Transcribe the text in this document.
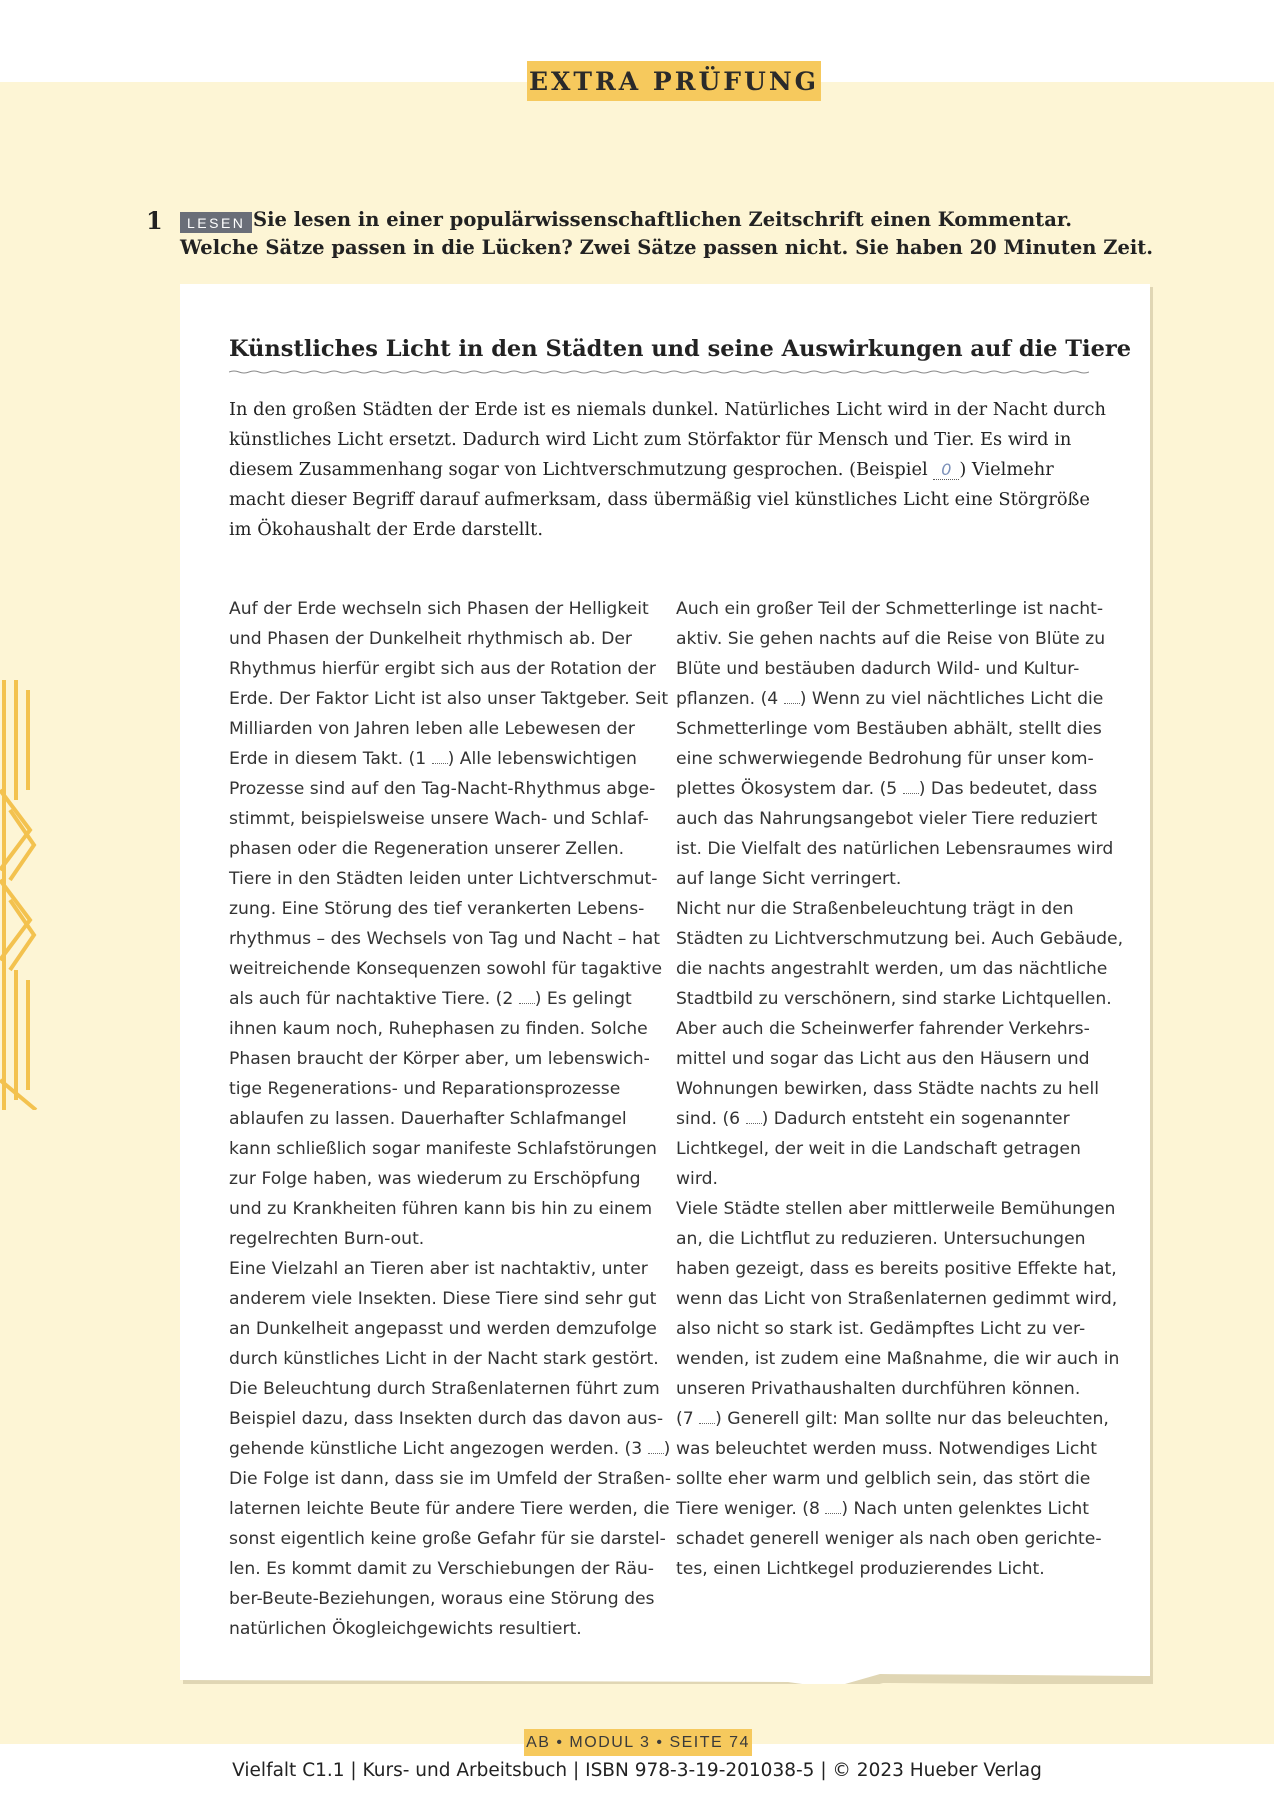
EXTRA PRÜFUNG
1	LESEN Sie lesen in einer populärwissenschaftlichen Zeitschrift einen Kommentar.
Welche Sätze passen in die Lücken? Zwei Sätze passen nicht. Sie haben 20 Minuten Zeit.
Künstliches Licht in den Städten und seine Auswirkungen auf die Tiere
In den großen Städten der Erde ist es niemals dunkel. Natürliches Licht wird in der Nacht durch
künstliches Licht ersetzt. Dadurch wird Licht zum Störfaktor für Mensch und Tier. Es wird in
diesem Zusammenhang sogar von Lichtverschmutzung gesprochen. (Beispiel 0 ) Vielmehr
macht dieser Begriff darauf aufmerksam, dass übermäßig viel künstliches Licht eine Störgröße
im Ökohaushalt der Erde darstellt.
Auf der Erde wechseln sich Phasen der Helligkeit
und Phasen der Dunkelheit rhythmisch ab. Der
Rhythmus hierfür ergibt sich aus der Rotation der
Erde. Der Faktor Licht ist also unser Taktgeber. Seit
Milliarden von Jahren leben alle Lebewesen der
Erde in diesem Takt. (1 ) Alle lebenswichtigen
Prozesse sind auf den Tag-Nacht-Rhythmus abge-
stimmt, beispielsweise unsere Wach- und Schlaf-
phasen oder die Regeneration unserer Zellen.
Tiere in den Städten leiden unter Lichtverschmut-
zung. Eine Störung des tief verankerten Lebens-
rhythmus – des Wechsels von Tag und Nacht – hat
weitreichende Konsequenzen sowohl für tagaktive
als auch für nachtaktive Tiere. (2 ) Es gelingt
ihnen kaum noch, Ruhephasen zu finden. Solche
Phasen braucht der Körper aber, um lebenswich-
tige Regenerations- und Reparationsprozesse
ablaufen zu lassen. Dauerhafter Schlafmangel
kann schließlich sogar manifeste Schlafstörungen
zur Folge haben, was wiederum zu Erschöpfung
und zu Krankheiten führen kann bis hin zu einem
regelrechten Burn-out.
Eine Vielzahl an Tieren aber ist nachtaktiv, unter
anderem viele Insekten. Diese Tiere sind sehr gut
an Dunkelheit angepasst und werden demzufolge
durch künstliches Licht in der Nacht stark gestört.
Die Beleuchtung durch Straßenlaternen führt zum
Beispiel dazu, dass Insekten durch das davon aus-
gehende künstliche Licht angezogen werden. (3 )
Die Folge ist dann, dass sie im Umfeld der Straßen-
laternen leichte Beute für andere Tiere werden, die
sonst eigentlich keine große Gefahr für sie darstel-
len. Es kommt damit zu Verschiebungen der Räu-
ber-Beute-Beziehungen, woraus eine Störung des
natürlichen Ökogleichgewichts resultiert.
Auch ein großer Teil der Schmetterlinge ist nacht-
aktiv. Sie gehen nachts auf die Reise von Blüte zu
Blüte und bestäuben dadurch Wild- und Kultur-
pflanzen. (4 ) Wenn zu viel nächtliches Licht die
Schmetterlinge vom Bestäuben abhält, stellt dies
eine schwerwiegende Bedrohung für unser kom-
plettes Ökosystem dar. (5 ) Das bedeutet, dass
auch das Nahrungsangebot vieler Tiere reduziert
ist. Die Vielfalt des natürlichen Lebensraumes wird
auf lange Sicht verringert.
Nicht nur die Straßenbeleuchtung trägt in den
Städten zu Lichtverschmutzung bei. Auch Gebäude,
die nachts angestrahlt werden, um das nächtliche
Stadtbild zu verschönern, sind starke Lichtquellen.
Aber auch die Scheinwerfer fahrender Verkehrs-
mittel und sogar das Licht aus den Häusern und
Wohnungen bewirken, dass Städte nachts zu hell
sind. (6 ) Dadurch entsteht ein sogenannter
Lichtkegel, der weit in die Landschaft getragen
wird.
Viele Städte stellen aber mittlerweile Bemühungen
an, die Lichtflut zu reduzieren. Untersuchungen
haben gezeigt, dass es bereits positive Effekte hat,
wenn das Licht von Straßenlaternen gedimmt wird,
also nicht so stark ist. Gedämpftes Licht zu ver-
wenden, ist zudem eine Maßnahme, die wir auch in
unseren Privathaushalten durchführen können.
(7 ) Generell gilt: Man sollte nur das beleuchten,
was beleuchtet werden muss. Notwendiges Licht
sollte eher warm und gelblich sein, das stört die
Tiere weniger. (8 ) Nach unten gelenktes Licht
schadet generell weniger als nach oben gerichte-
tes, einen Lichtkegel produzierendes Licht.
AB • MODUL 3 • SEITE 74
Vielfalt C1.1 | Kurs- und Arbeitsbuch | ISBN 978-3-19-201038-5 | © 2023 Hueber Verlag
